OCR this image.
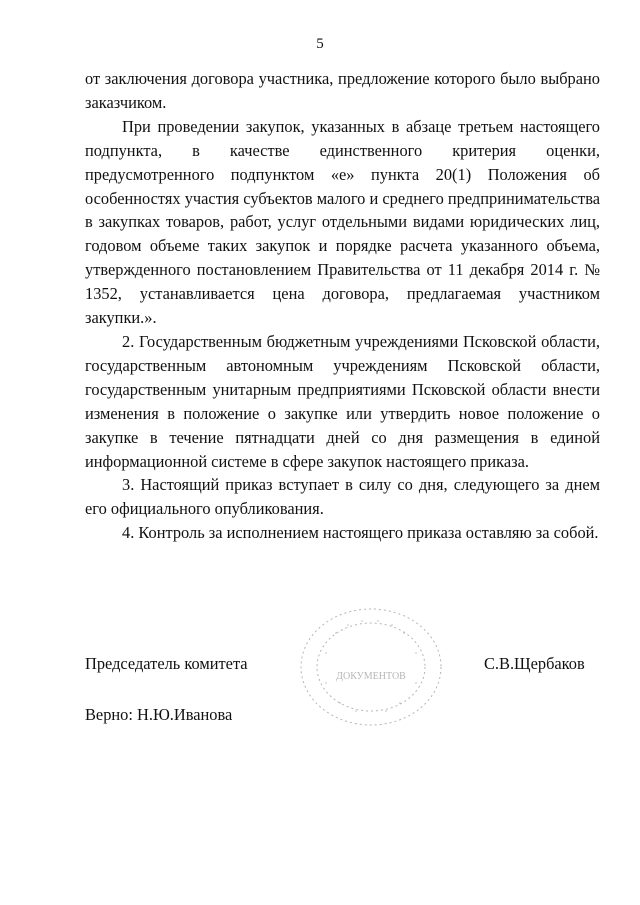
5

от заключения договора участника, предложение которого было выбрано заказчиком.

При проведении закупок, указанных в абзаце третьем настоящего подпункта, в качестве единственного критерия оценки, предусмотренного подпунктом «е» пункта 20(1) Положения об особенностях участия субъектов малого и среднего предпринимательства в закупках товаров, работ, услуг отдельными видами юридических лиц, годовом объеме таких закупок и порядке расчета указанного объема, утвержденного постановлением Правительства от 11 декабря 2014 г. № 1352, устанавливается цена договора, предлагаемая участником закупки.».

2. Государственным бюджетным учреждениями Псковской области, государственным автономным учреждениям Псковской области, государственным унитарным предприятиями Псковской области внести изменения в положение о закупке или утвердить новое положение о закупке в течение пятнадцати дней со дня размещения в единой информационной системе в сфере закупок настоящего приказа.

3. Настоящий приказ вступает в силу со дня, следующего за днем его официального опубликования.

4. Контроль за исполнением настоящего приказа оставляю за собой.

Председатель комитета
ДОКУМЕНТОВ
С.В.Щербаков
Верно: Н.Ю.Иванова
